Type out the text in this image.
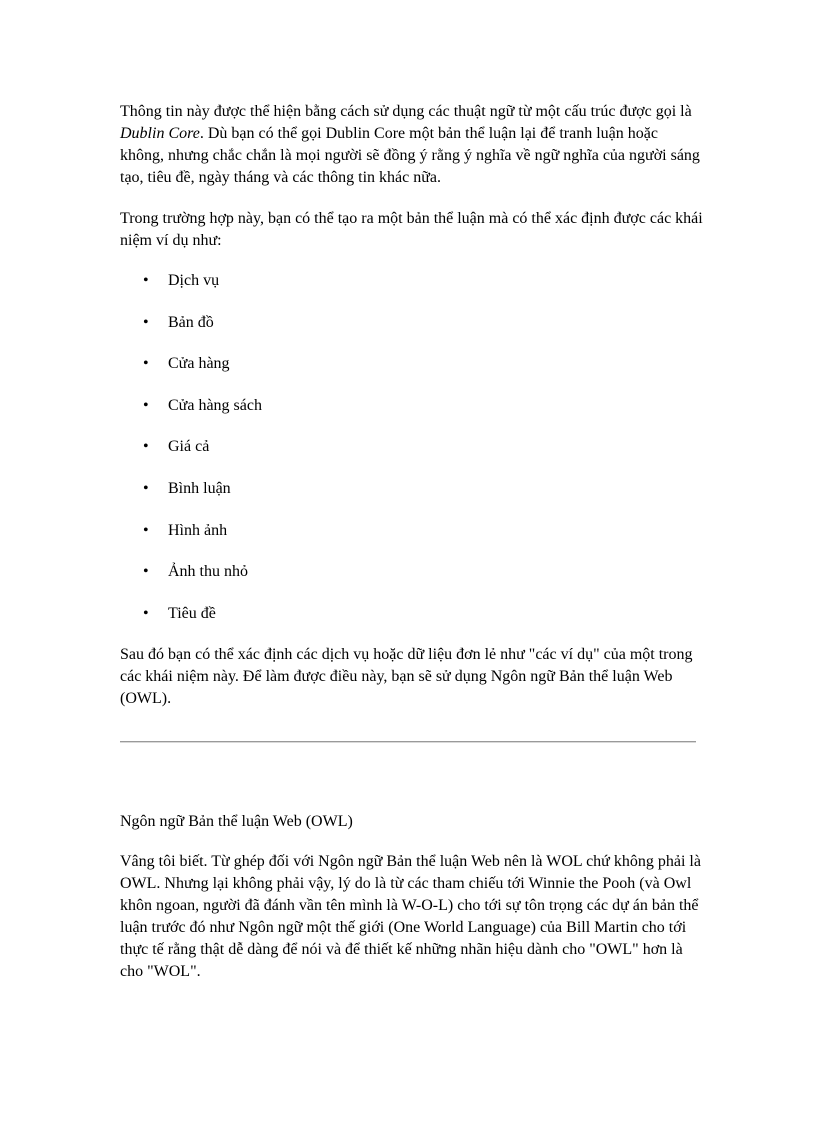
Thông tin này được thể hiện bằng cách sử dụng các thuật ngữ từ một cấu trúc được gọi là Dublin Core. Dù bạn có thể gọi Dublin Core một bản thể luận lại để tranh luận hoặc không, nhưng chắc chắn là mọi người sẽ đồng ý rằng ý nghĩa về ngữ nghĩa của người sáng tạo, tiêu đề, ngày tháng và các thông tin khác nữa.

Trong trường hợp này, bạn có thể tạo ra một bản thể luận mà có thể xác định được các khái niệm ví dụ như:

• Dịch vụ
• Bản đồ
• Cửa hàng
• Cửa hàng sách
• Giá cả
• Bình luận
• Hình ảnh
• Ảnh thu nhỏ
• Tiêu đề

Sau đó bạn có thể xác định các dịch vụ hoặc dữ liệu đơn lẻ như "các ví dụ" của một trong các khái niệm này. Để làm được điều này, bạn sẽ sử dụng Ngôn ngữ Bản thể luận Web (OWL).

Ngôn ngữ Bản thể luận Web (OWL)

Vâng tôi biết. Từ ghép đối với Ngôn ngữ Bản thể luận Web nên là WOL chứ không phải là OWL. Nhưng lại không phải vậy, lý do là từ các tham chiếu tới Winnie the Pooh (và Owl khôn ngoan, người đã đánh vần tên mình là W-O-L) cho tới sự tôn trọng các dự án bản thể luận trước đó như Ngôn ngữ một thế giới (One World Language) của Bill Martin cho tới thực tế rằng thật dễ dàng để nói và để thiết kế những nhãn hiệu dành cho "OWL" hơn là cho "WOL".
